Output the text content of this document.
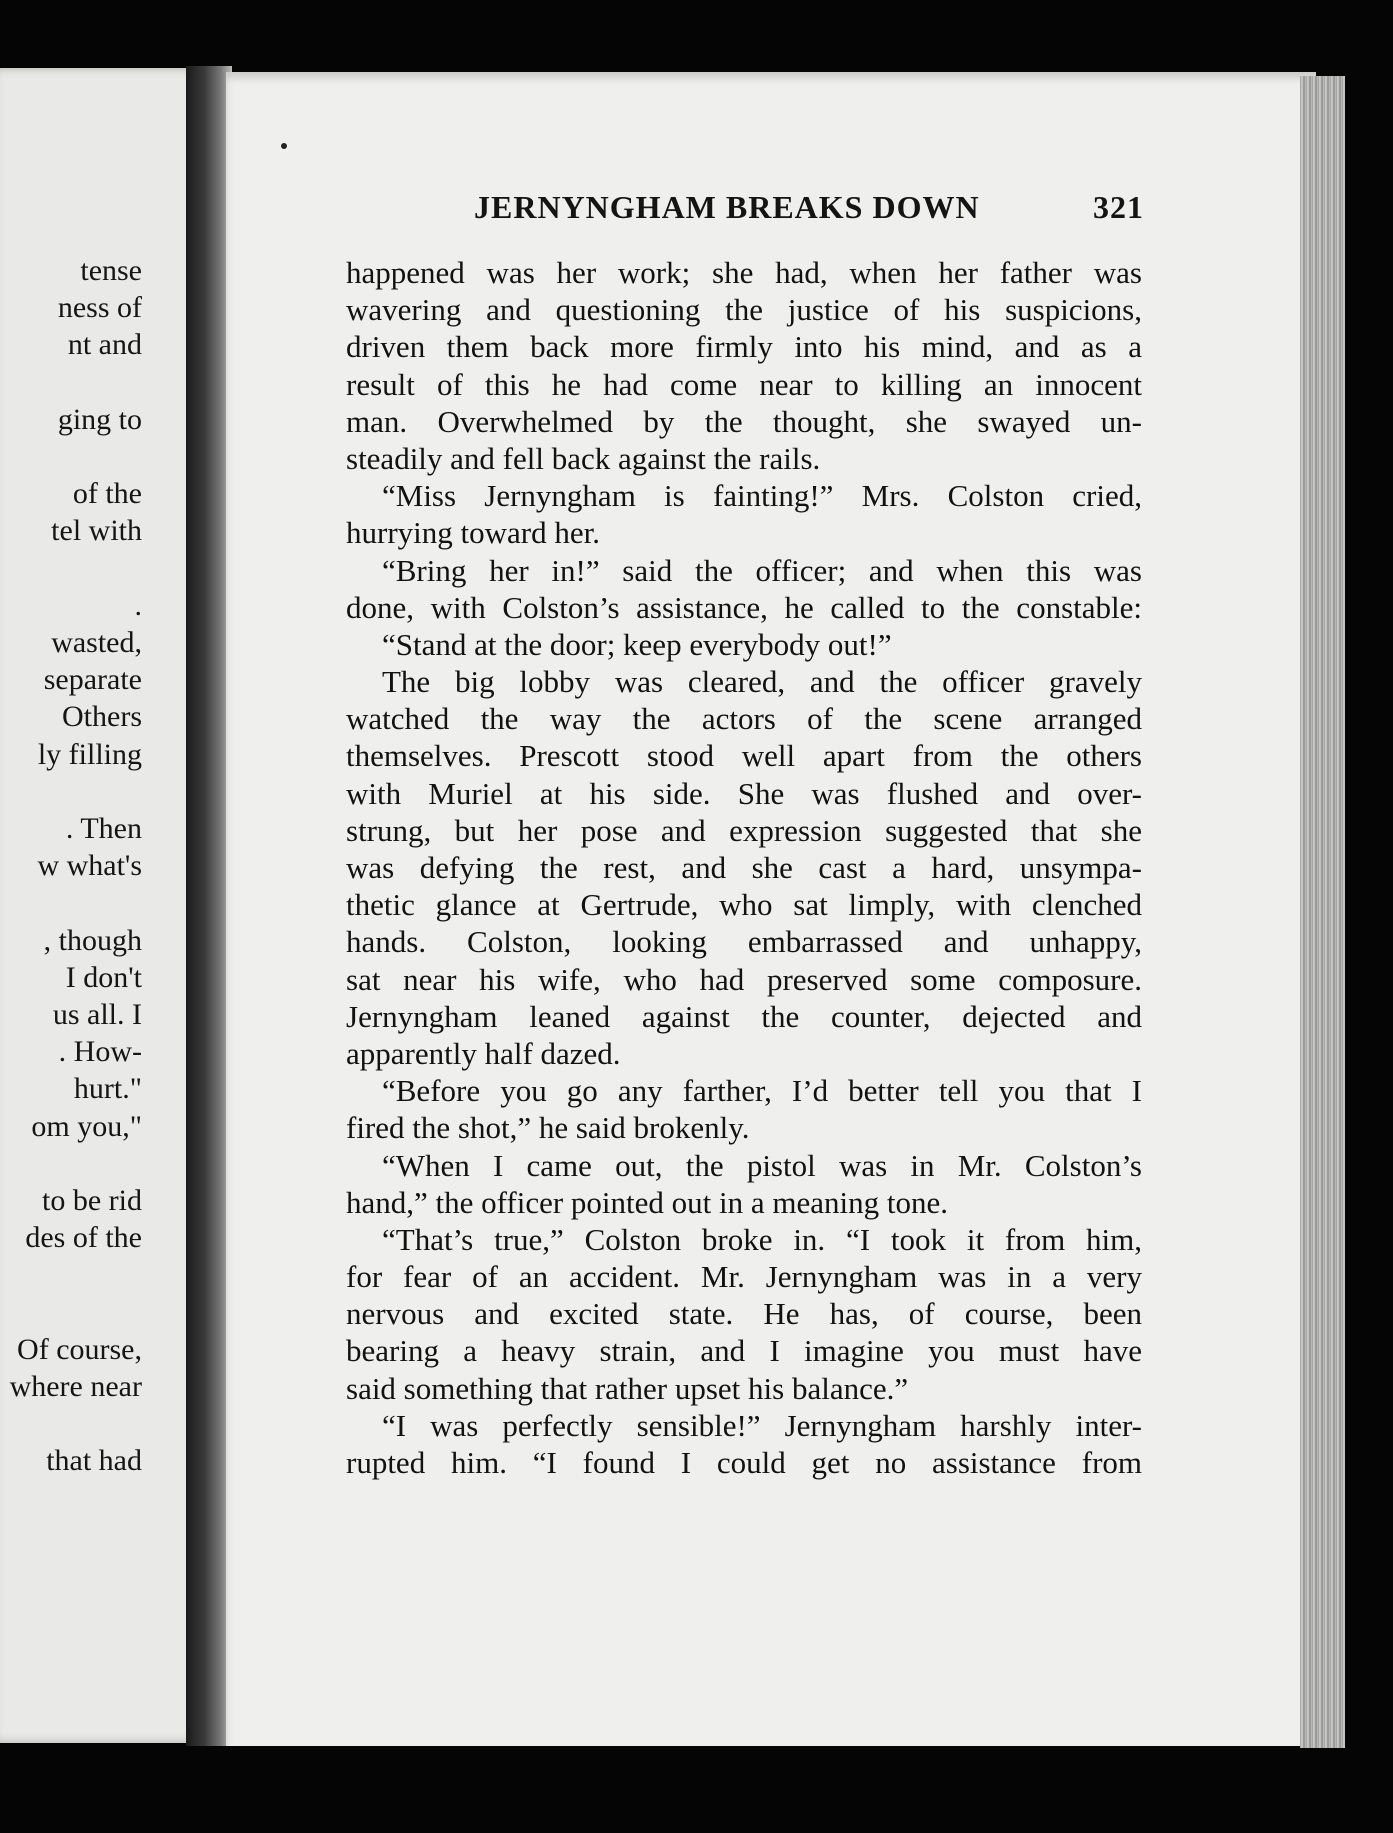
tense
ness of
nt and
ging to
of the
tel with
.
wasted,
separate
Others
ly filling
. Then
w what's
, though
I don't
us all. I
. How-
hurt."
om you,"
to be rid
des of the
Of course,
where near
that had
JERNYNGHAM BREAKS DOWN	321
happened was her work; she had, when her father was
wavering and questioning the justice of his suspicions,
driven them back more firmly into his mind, and as a
result of this he had come near to killing an innocent
man. Overwhelmed by the thought, she swayed un-
steadily and fell back against the rails.
“Miss Jernyngham is fainting!” Mrs. Colston cried,
hurrying toward her.
“Bring her in!” said the officer; and when this was
done, with Colston’s assistance, he called to the constable:
“Stand at the door; keep everybody out!”
The big lobby was cleared, and the officer gravely
watched the way the actors of the scene arranged
themselves. Prescott stood well apart from the others
with Muriel at his side. She was flushed and over-
strung, but her pose and expression suggested that she
was defying the rest, and she cast a hard, unsympa-
thetic glance at Gertrude, who sat limply, with clenched
hands. Colston, looking embarrassed and unhappy,
sat near his wife, who had preserved some composure.
Jernyngham leaned against the counter, dejected and
apparently half dazed.
“Before you go any farther, I’d better tell you that I
fired the shot,” he said brokenly.
“When I came out, the pistol was in Mr. Colston’s
hand,” the officer pointed out in a meaning tone.
“That’s true,” Colston broke in. “I took it from him,
for fear of an accident. Mr. Jernyngham was in a very
nervous and excited state. He has, of course, been
bearing a heavy strain, and I imagine you must have
said something that rather upset his balance.”
“I was perfectly sensible!” Jernyngham harshly inter-
rupted him. “I found I could get no assistance from
